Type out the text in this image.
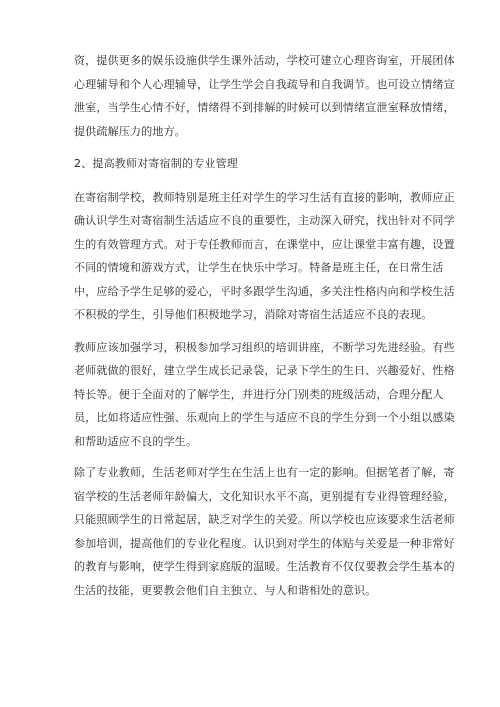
资，提供更多的娱乐设施供学生课外活动，学校可建立心理咨询室，开展团体
心理辅导和个人心理辅导，让学生学会自我疏导和自我调节。也可设立情绪宣
泄室，当学生心情不好，情绪得不到排解的时候可以到情绪宣泄室释放情绪，
提供疏解压力的地方。
2、提高教师对寄宿制的专业管理
在寄宿制学校，教师特别是班主任对学生的学习生活有直接的影响，教师应正
确认识学生对寄宿制生活适应不良的重要性，主动深入研究，找出针对不同学
生的有效管理方式。对于专任教师而言，在课堂中，应让课堂丰富有趣，设置
不同的情境和游戏方式，让学生在快乐中学习。特备是班主任，在日常生活
中，应给予学生足够的爱心，平时多跟学生沟通，多关注性格内向和学校生活
不积极的学生，引导他们积极地学习，消除对寄宿生活适应不良的表现。
教师应该加强学习，积极参加学习组织的培训讲座，不断学习先进经验。有些
老师就做的很好，建立学生成长记录袋，记录下学生的生日、兴趣爱好、性格
特长等。便于全面对的了解学生，并进行分门别类的班级活动，合理分配人
员，比如将适应性强、乐观向上的学生与适应不良的学生分到一个小组以感染
和帮助适应不良的学生。
除了专业教师，生活老师对学生在生活上也有一定的影响。但据笔者了解，寄
宿学校的生活老师年龄偏大，文化知识水平不高，更别提有专业得管理经验，
只能照顾学生的日常起居，缺乏对学生的关爱。所以学校也应该要求生活老师
参加培训，提高他们的专业化程度。认识到对学生的体贴与关爱是一种非常好
的教育与影响，使学生得到家庭版的温暖。生活教育不仅仅要教会学生基本的
生活的技能，更要教会他们自主独立、与人和谐相处的意识。
